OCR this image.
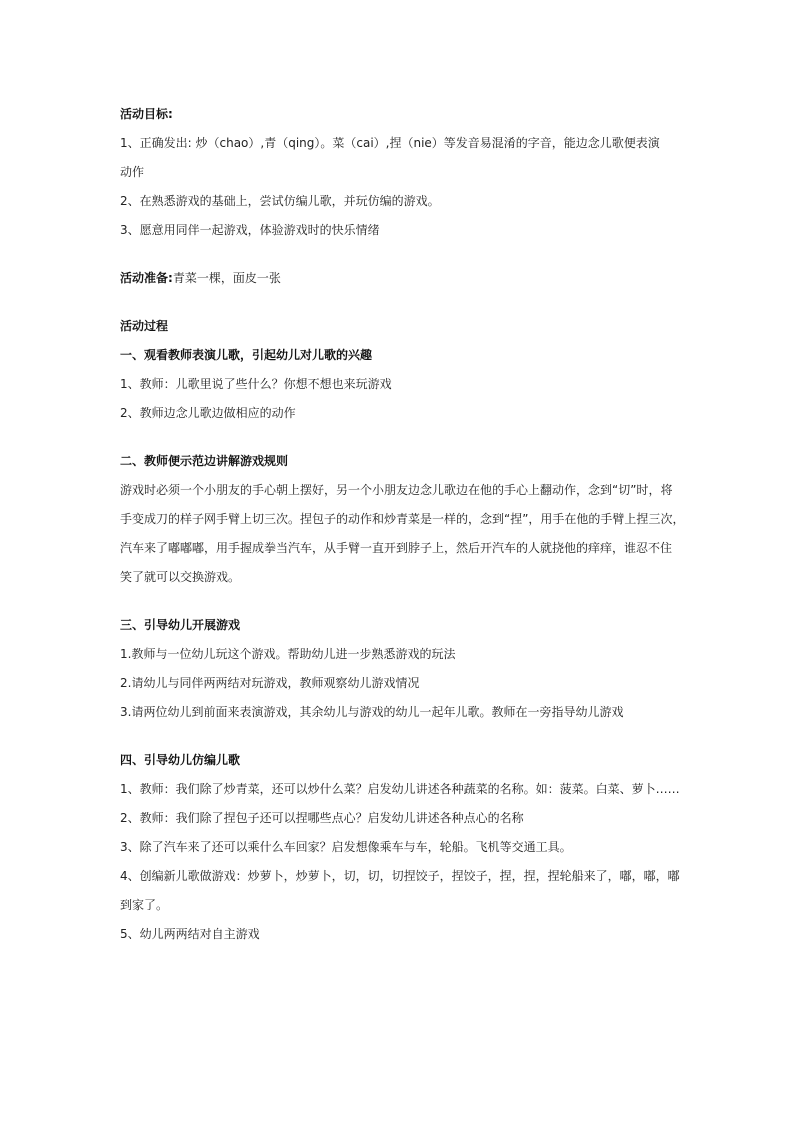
活动目标:
1、正确发出: 炒（chao）,青（qing）。菜（cai）,捏（nie）等发音易混淆的字音，能边念儿歌便表演
动作
2、在熟悉游戏的基础上，尝试仿编儿歌，并玩仿编的游戏。
3、愿意用同伴一起游戏，体验游戏时的快乐情绪
活动准备:青菜一棵，面皮一张
活动过程
一、观看教师表演儿歌，引起幼儿对儿歌的兴趣
1、教师：儿歌里说了些什么？你想不想也来玩游戏
2、教师边念儿歌边做相应的动作
二、教师便示范边讲解游戏规则
游戏时必须一个小朋友的手心朝上摆好，另一个小朋友边念儿歌边在他的手心上翻动作，念到“切”时，将
手变成刀的样子网手臂上切三次。捏包子的动作和炒青菜是一样的，念到“捏”，用手在他的手臂上捏三次，
汽车来了嘟嘟嘟，用手握成拳当汽车，从手臂一直开到脖子上，然后开汽车的人就挠他的痒痒，谁忍不住
笑了就可以交换游戏。
三、引导幼儿开展游戏
1.教师与一位幼儿玩这个游戏。帮助幼儿进一步熟悉游戏的玩法
2.请幼儿与同伴两两结对玩游戏，教师观察幼儿游戏情况
3.请两位幼儿到前面来表演游戏，其余幼儿与游戏的幼儿一起年儿歌。教师在一旁指导幼儿游戏
四、引导幼儿仿编儿歌
1、教师：我们除了炒青菜，还可以炒什么菜？启发幼儿讲述各种蔬菜的名称。如：菠菜。白菜、萝卜……
2、教师：我们除了捏包子还可以捏哪些点心？启发幼儿讲述各种点心的名称
3、除了汽车来了还可以乘什么车回家？启发想像乘车与车，轮船。飞机等交通工具。
4、创编新儿歌做游戏：炒萝卜，炒萝卜，切，切，切捏饺子，捏饺子，捏，捏，捏轮船来了，嘟，嘟，嘟
到家了。
5、幼儿两两结对自主游戏
